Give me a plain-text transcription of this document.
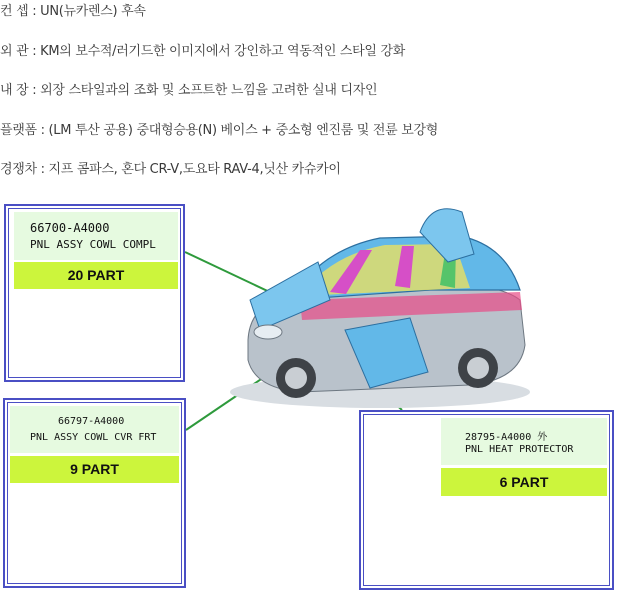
컨 셉 : UN(뉴카렌스) 후속
외 관 : KM의 보수적/러기드한 이미지에서 강인하고 역동적인 스타일 강화
내 장 : 외장 스타일과의 조화 및 소프트한 느낌을 고려한 실내 디자인
플랫폼 : (LM 투산 공용) 중대형승용(N) 베이스 + 중소형 엔진룸 및 전륜 보강형
경쟁차 : 지프 콤파스, 혼다 CR-V,도요타 RAV-4,닛산 카슈카이
66700-A4000
PNL ASSY COWL COMPL
20 PART
66797-A4000
PNL ASSY COWL CVR FRT
9 PART
28795-A4000 外
PNL HEAT PROTECTOR
6 PART
